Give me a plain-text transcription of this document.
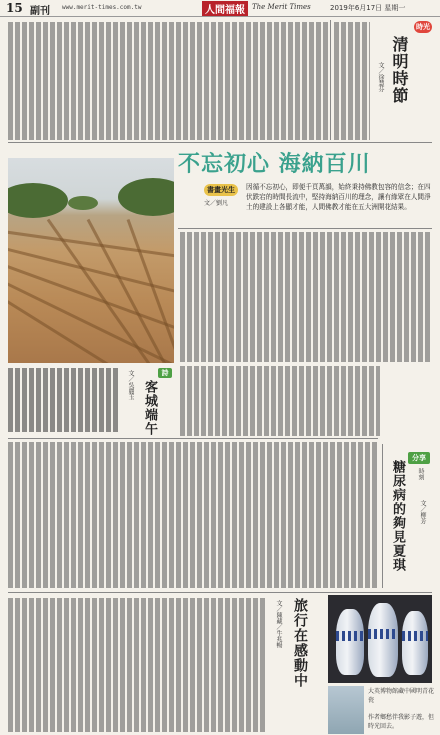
15 副刊 www.merit-times.com.tw	人間福報	The Merit Times	2019年6月17日 星期一
時光
清明時節
文／徐慧芬
不忘初心 海納百川
書畫光生
文／劉凡
因循不忘初心，即便千頁萬韻，始終秉持佛教包容的信念；在四伏跌宕的時間長流中，堅持海納百川的理念，讓有緣眾在人間淨土的建設上各顯才能，人間佛教才能在五大洲開花結果。
詩
客城端午
文／吳麗玉
分享
時刻
糖尿病的夠見夏琪	文／柳芳
旅行在感動中
文／陳藏／牛兆暢
大英博物館藏中國明青花瓷
作者鄉愁伴我影子遊，但時光回去。
